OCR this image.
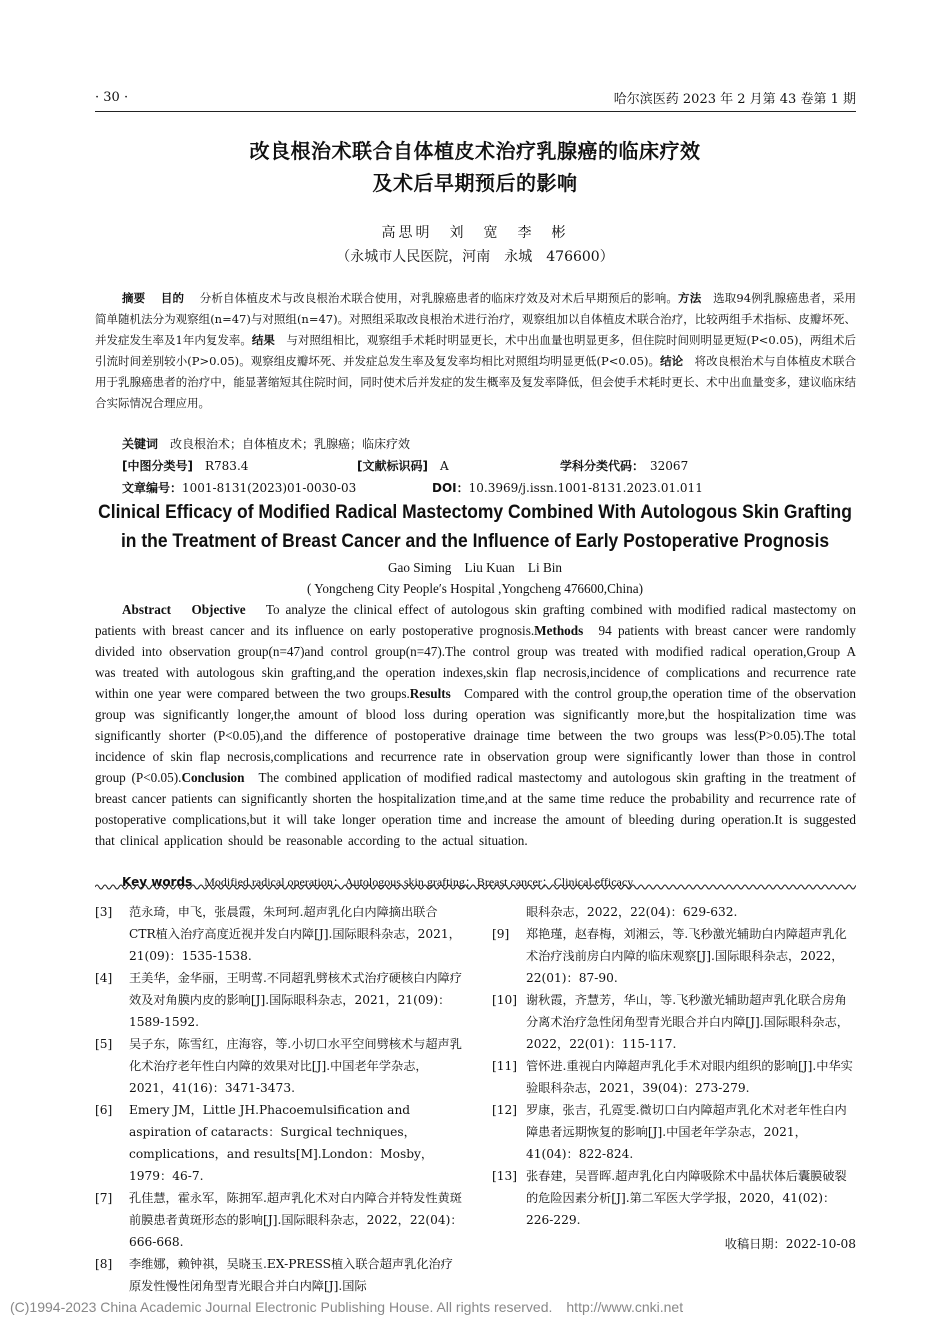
· 30 ·	哈尔滨医药 2023 年 2 月第 43 卷第 1 期
改良根治术联合自体植皮术治疗乳腺癌的临床疗效
及术后早期预后的影响
高思明　刘　宽　李　彬
（永城市人民医院，河南　永城　476600）
摘要　 目的　 分析自体植皮术与改良根治术联合使用，对乳腺癌患者的临床疗效及对术后早期预后的影响。方法　 选取94例乳腺癌患者，采用简单随机法分为观察组(n=47)与对照组(n=47)。对照组采取改良根治术进行治疗，观察组加以自体植皮术联合治疗，比较两组手术指标、皮瓣坏死、并发症发生率及1年内复发率。结果　 与对照组相比，观察组手术耗时明显更长，术中出血量也明显更多，但住院时间则明显更短(P<0.05)，两组术后引流时间差别较小(P>0.05)。观察组皮瓣坏死、并发症总发生率及复发率均相比对照组均明显更低(P<0.05)。结论　 将改良根治术与自体植皮术联合用于乳腺癌患者的治疗中，能显著缩短其住院时间，同时使术后并发症的发生概率及复发率降低，但会使手术耗时更长、术中出血量变多，建议临床结合实际情况合理应用。
关键词　 改良根治术；自体植皮术；乳腺癌；临床疗效
[中图分类号]　 R783.4	[文献标识码]　 A	学科分类代码：　 32067
文章编号：1001-8131(2023)01-0030-03	DOI：10.3969/j.issn.1001-8131.2023.01.011
Clinical Efficacy of Modified Radical Mastectomy Combined With Autologous Skin Grafting
in the Treatment of Breast Cancer and the Influence of Early Postoperative Prognosis
Gao Siming　Liu Kuan　Li Bin
( Yongcheng City People′s Hospital ,Yongcheng 476600,China)
Abstract　 Objective　 To analyze the clinical effect of autologous skin grafting combined with modified radical mastectomy on patients with breast cancer and its influence on early postoperative prognosis.Methods　 94 patients with breast cancer were randomly divided into observation group(n=47)and control group(n=47).The control group was treated with modified radical operation,Group A was treated with autologous skin grafting,and the operation indexes,skin flap necrosis,incidence of complications and recurrence rate within one year were compared between the two groups.Results　 Compared with the control group,the operation time of the observation group was significantly longer,the amount of blood loss during operation was significantly more,but the hospitalization time was significantly shorter (P<0.05),and the difference of postoperative drainage time between the two groups was less(P>0.05).The total incidence of skin flap necrosis,complications and recurrence rate in observation group were significantly lower than those in control group (P<0.05).Conclusion　 The combined application of modified radical mastectomy and autologous skin grafting in the treatment of breast cancer patients can significantly shorten the hospitalization time,and at the same time reduce the probability and recurrence rate of postoperative complications,but it will take longer operation time and increase the amount of bleeding during operation.It is suggested that clinical application should be reasonable according to the actual situation.
Key words　 Modified radical operation；Autologous skin grafting；Breast cancer；Clinical efficacy
[3]	范永琦，申飞，张晨霞，朱珂珂.超声乳化白内障摘出联合CTR植入治疗高度近视并发白内障[J].国际眼科杂志，2021，21(09)：1535-1538.
[4]	王美华，金华丽，王明莺.不同超乳劈核术式治疗硬核白内障疗效及对角膜内皮的影响[J].国际眼科杂志，2021，21(09)：1589-1592.
[5]	吴子东，陈雪红，庄海容，等.小切口水平空间劈核术与超声乳化术治疗老年性白内障的效果对比[J].中国老年学杂志，2021，41(16)：3471-3473.
[6]	Emery JM，Little JH.Phacoemulsification and aspiration of cataracts：Surgical techniques，complications，and results[M].London：Mosby，1979：46-7.
[7]	孔佳慧，霍永军，陈拥军.超声乳化术对白内障合并特发性黄斑前膜患者黄斑形态的影响[J].国际眼科杂志，2022，22(04)：666-668.
[8]	李维娜，赖钟祺，吴晓玉.EX-PRESS植入联合超声乳化治疗原发性慢性闭角型青光眼合并白内障[J].国际
眼科杂志，2022，22(04)：629-632.
[9]	郑艳瑾，赵春梅，刘湘云，等.飞秒激光辅助白内障超声乳化术治疗浅前房白内障的临床观察[J].国际眼科杂志，2022，22(01)：87-90.
[10] 谢秋霞，齐慧芳，华山，等.飞秒激光辅助超声乳化联合房角分离术治疗急性闭角型青光眼合并白内障[J].国际眼科杂志，2022，22(01)：115-117.
[11] 管怀进.重视白内障超声乳化手术对眼内组织的影响[J].中华实验眼科杂志，2021，39(04)：273-279.
[12] 罗康，张吉，孔霓雯.微切口白内障超声乳化术对老年性白内障患者远期恢复的影响[J].中国老年学杂志，2021，41(04)：822-824.
[13] 张春建，吴晋晖.超声乳化白内障吸除术中晶状体后囊膜破裂的危险因素分析[J].第二军医大学学报，2020，41(02)：226-229.
收稿日期：2022-10-08
(C)1994-2023 China Academic Journal Electronic Publishing House. All rights reserved.　http://www.cnki.net
